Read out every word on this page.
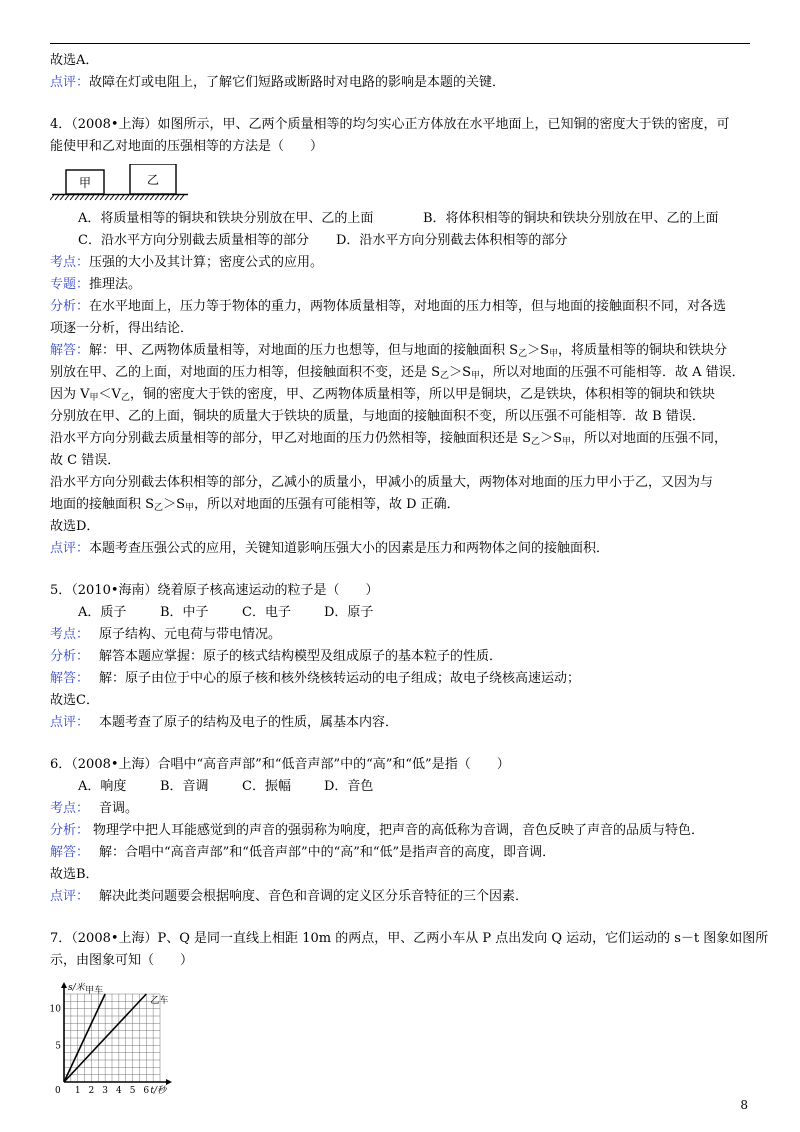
故选A．
点评：故障在灯或电阻上，了解它们短路或断路时对电路的影响是本题的关键．
4．（2008•上海）如图所示，甲、乙两个质量相等的均匀实心正方体放在水平地面上，已知铜的密度大于铁的密度，可
能使甲和乙对地面的压强相等的方法是（　　）
甲	乙
A．将质量相等的铜块和铁块分别放在甲、乙的上面	B．将体积相等的铜块和铁块分别放在甲、乙的上面
C．沿水平方向分别截去质量相等的部分 D．沿水平方向分别截去体积相等的部分
考点：压强的大小及其计算；密度公式的应用。
专题：推理法。
分析：在水平地面上，压力等于物体的重力，两物体质量相等，对地面的压力相等，但与地面的接触面积不同，对各选
项逐一分析，得出结论．
解答：解：甲、乙两物体质量相等，对地面的压力也想等，但与地面的接触面积 $S_乙>S_甲$，将质量相等的铜块和铁块分
别放在甲、乙的上面，对地面的压力相等，但接触面积不变，还是 $S_乙>S_甲$，所以对地面的压强不可能相等．故 A 错误．
因为 $V_甲<V_乙$，铜的密度大于铁的密度，甲、乙两物体质量相等，所以甲是铜块，乙是铁块，体积相等的铜块和铁块
分别放在甲、乙的上面，铜块的质量大于铁块的质量，与地面的接触面积不变，所以压强不可能相等．故 B 错误．
沿水平方向分别截去质量相等的部分，甲乙对地面的压力仍然相等，接触面积还是 $S_乙>S_甲$，所以对地面的压强不同，
故 C 错误．
沿水平方向分别截去体积相等的部分，乙减小的质量小，甲减小的质量大，两物体对地面的压力甲小于乙，又因为与
地面的接触面积 $S_乙>S_甲$，所以对地面的压强有可能相等，故 D 正确．
故选D．
点评：本题考查压强公式的应用，关键知道影响压强大小的因素是压力和两物体之间的接触面积．
5．（2010•海南）绕着原子核高速运动的粒子是（　　）
A．质子	B．中子	C．电子	D．原子
考点： 原子结构、元电荷与带电情况。
分析： 解答本题应掌握：原子的核式结构模型及组成原子的基本粒子的性质．
解答： 解：原子由位于中心的原子核和核外绕核转运动的电子组成；故电子绕核高速运动；
故选C．
点评： 本题考查了原子的结构及电子的性质，属基本内容．
6．（2008•上海）合唱中“高音声部”和“低音声部”中的“高”和“低”是指（　　）
A．响度	B．音调	C．振幅	D．音色
考点： 音调。
分析： 物理学中把人耳能感觉到的声音的强弱称为响度，把声音的高低称为音调，音色反映了声音的品质与特色．
解答： 解：合唱中“高音声部”和“低音声部”中的“高”和“低”是指声音的高度，即音调．
故选B．
点评： 解决此类问题要会根据响度、音色和音调的定义区分乐音特征的三个因素．
7．（2008•上海）P、Q 是同一直线上相距 10m 的两点，甲、乙两小车从 P 点出发向 Q 运动，它们运动的 s－t 图象如图所
示，由图象可知（　　）
1 2 3 4 5 6
5
10
0	t/秒
s/米 甲车
乙车
8
